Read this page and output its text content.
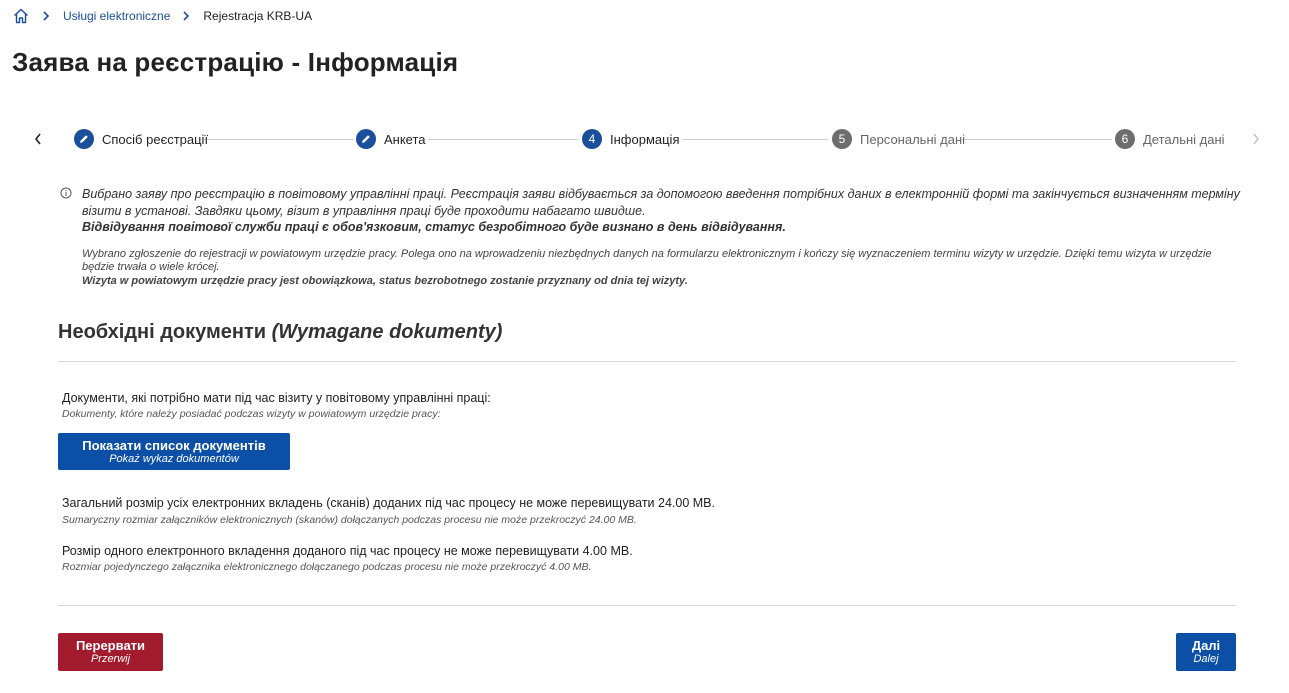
Usługi elektroniczne	Rejestracja KRB-UA
Заява на реєстрацію - Інформація
Спосіб реєстрації	Анкета	4	Інформація	5	Персональні дані	6	Детальні дані

Вибрано заяву про реєстрацію в повітовому управлінні праці. Реєстрація заяви відбувається за допомогою введення потрібних даних в електронній формі та закінчується визначенням терміну візити в установі. Завдяки цьому, візит в управління праці буде проходити набагато швидше.
Відвідування повітової служби праці є обов'язковим, статус безробітного буде визнано в день відвідування.

Wybrano zgłoszenie do rejestracji w powiatowym urzędzie pracy. Polega ono na wprowadzeniu niezbędnych danych na formularzu elektronicznym i kończy się wyznaczeniem terminu wizyty w urzędzie. Dzięki temu wizyta w urzędzie będzie trwała o wiele krócej.
Wizyta w powiatowym urzędzie pracy jest obowiązkowa, status bezrobotnego zostanie przyznany od dnia tej wizyty.

Необхідні документи (Wymagane dokumenty)
Документи, які потрібно мати під час візиту у повітовому управлінні праці:
Dokumenty, które należy posiadać podczas wizyty w powiatowym urzędzie pracy:
Показати список документів
Pokaż wykaz dokumentów
Загальний розмір усіх електронних вкладень (сканів) доданих під час процесу не може перевищувати 24.00 MB.
Sumaryczny rozmiar załączników elektronicznych (skanów) dołączanych podczas procesu nie może przekroczyć 24.00 MB.
Розмір одного електронного вкладення доданого під час процесу не може перевищувати 4.00 MB.
Rozmiar pojedynczego załącznika elektronicznego dołączanego podczas procesu nie może przekroczyć 4.00 MB.
Перервати
Przerwij
Далі
Dalej
